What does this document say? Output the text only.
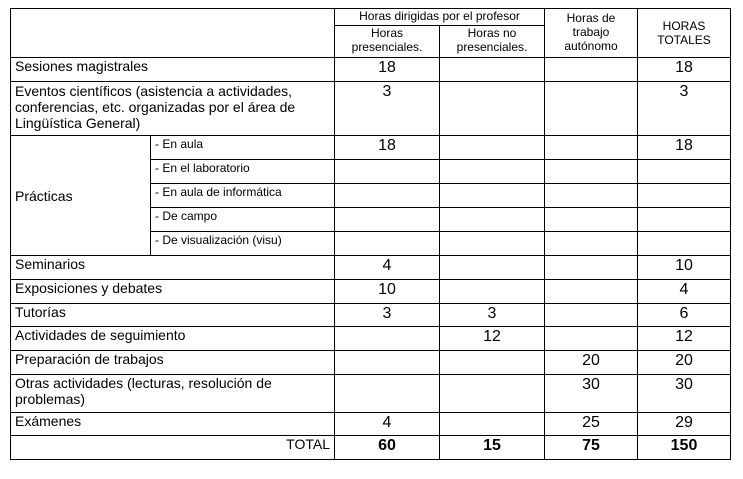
		Horas dirigidas por el profesor		Horas de trabajo autónomo	HORAS TOTALES
		Horas presenciales.	Horas no presenciales.		
Sesiones magistrales		18			18
Eventos científicos (asistencia a actividades, conferencias, etc. organizadas por el área de Lingüística General)		3			3
Prácticas	- En aula	18			18
	- En el laboratorio				
	- En aula de informática				
	- De campo				
	- De visualización (visu)				
Seminarios		4			10
Exposiciones y debates		10			4
Tutorías		3	3		6
Actividades de seguimiento			12		12
Preparación de trabajos				20	20
Otras actividades (lecturas, resolución de problemas)				30	30
Exámenes		4		25	29
TOTAL		60	15	75	150
